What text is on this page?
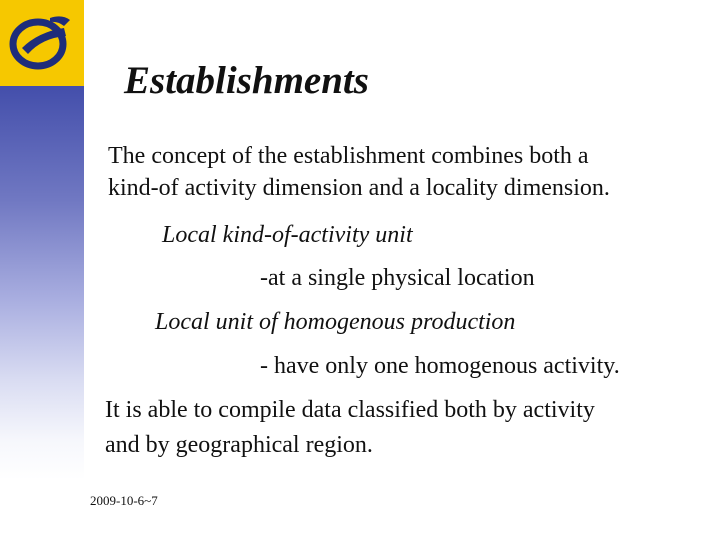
Establishments

The concept of the establishment combines both a

kind-of activity dimension and a locality dimension.

Local kind-of-activity unit

-at a single physical location

Local unit of homogenous production

- have only one homogenous activity.

It is able to compile data classified both by activity

and by geographical region.

2009-10-6~7
